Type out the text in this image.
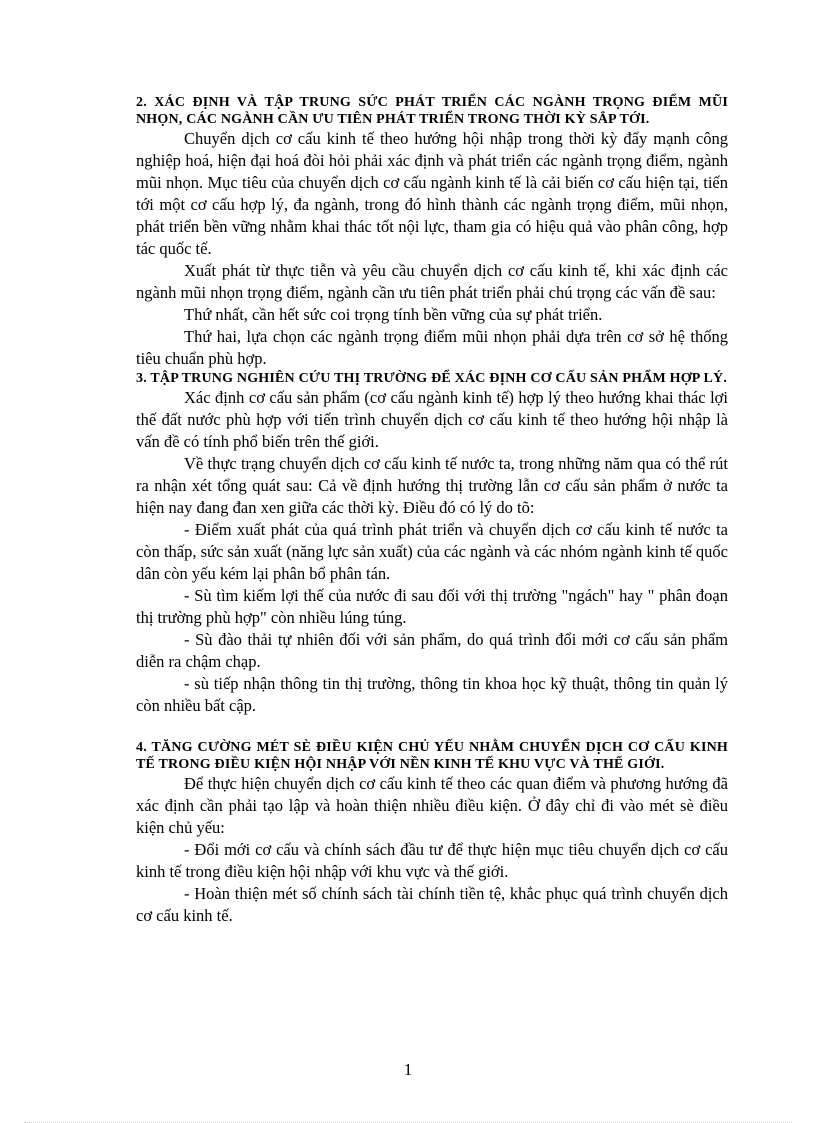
2. XÁC ĐỊNH VÀ TẬP TRUNG SỨC PHÁT TRIỂN CÁC NGÀNH TRỌNG ĐIỂM MŨI NHỌN, CÁC NGÀNH CẦN ƯU TIÊN PHÁT TRIỂN TRONG THỜI KỲ SẮP TỚI.

Chuyển dịch cơ cấu kinh tế theo hướng hội nhập trong thời kỳ đẩy mạnh công nghiệp hoá, hiện đại hoá đòi hỏi phải xác định và phát triển các ngành trọng điểm, ngành mũi nhọn. Mục tiêu của chuyển dịch cơ cấu ngành kinh tế là cải biến cơ cấu hiện tại, tiến tới một cơ cấu hợp lý, đa ngành, trong đó hình thành các ngành trọng điểm, mũi nhọn, phát triển bền vững nhằm khai thác tốt nội lực, tham gia có hiệu quả vào phân công, hợp tác quốc tế.

Xuất phát từ thực tiễn và yêu cầu chuyển dịch cơ cấu kinh tế, khi xác định các ngành mũi nhọn trọng điểm, ngành cần ưu tiên phát triển phải chú trọng các vấn đề sau:

Thứ nhất, cần hết sức coi trọng tính bền vững của sự phát triển.

Thứ hai, lựa chọn các ngành trọng điểm mũi nhọn phải dựa trên cơ sở hệ thống tiêu chuẩn phù hợp.

3. TẬP TRUNG NGHIÊN CỨU THỊ TRƯỜNG ĐỂ XÁC ĐỊNH CƠ CẤU SẢN PHẨM HỢP LÝ.

Xác định cơ cấu sản phẩm (cơ cấu ngành kinh tế) hợp lý theo hướng khai thác lợi thế đất nước phù hợp với tiến trình chuyển dịch cơ cấu kinh tế theo hướng hội nhập là vấn đề có tính phổ biến trên thế giới.

Về thực trạng chuyển dịch cơ cấu kinh tế nước ta, trong những năm qua có thể rút ra nhận xét tổng quát sau: Cả về định hướng thị trường lẫn cơ cấu sản phẩm ở nước ta hiện nay đang đan xen giữa các thời kỳ. Điều đó có lý do tõ:

- Điểm xuất phát của quá trình phát triển và chuyển dịch cơ cấu kinh tế nước ta còn thấp, sức sản xuất (năng lực sản xuất) của các ngành và các nhóm ngành kinh tế quốc dân còn yếu kém lại phân bổ phân tán.

- Sù tìm kiếm lợi thế của nước đi sau đối với thị trường "ngách" hay " phân đoạn thị trường phù hợp" còn nhiều lúng túng.

- Sù đào thải tự nhiên đối với sản phẩm, do quá trình đổi mới cơ cấu sản phẩm diễn ra chậm chạp.

- sù tiếp nhận thông tin thị trường, thông tin khoa học kỹ thuật, thông tin quản lý còn nhiều bất cập.

4. TĂNG CƯỜNG MÉT SÈ ĐIỀU KIỆN CHỦ YẾU NHẰM CHUYỂN DỊCH CƠ CẤU KINH TẾ TRONG ĐIỀU KIỆN HỘI NHẬP VỚI NỀN KINH TẾ KHU VỰC VÀ THẾ GIỚI.

Để thực hiện chuyển dịch cơ cấu kinh tế theo các quan điểm và phương hướng đã xác định cần phải tạo lập và hoàn thiện nhiều điều kiện. Ở đây chỉ đi vào mét sè điều kiện chủ yếu:

- Đổi mới cơ cấu và chính sách đầu tư để thực hiện mục tiêu chuyển dịch cơ cấu kinh tế trong điều kiện hội nhập với khu vực và thế giới.

- Hoàn thiện mét số chính sách tài chính tiền tệ, khắc phục quá trình chuyển dịch cơ cấu kinh tế.

1
